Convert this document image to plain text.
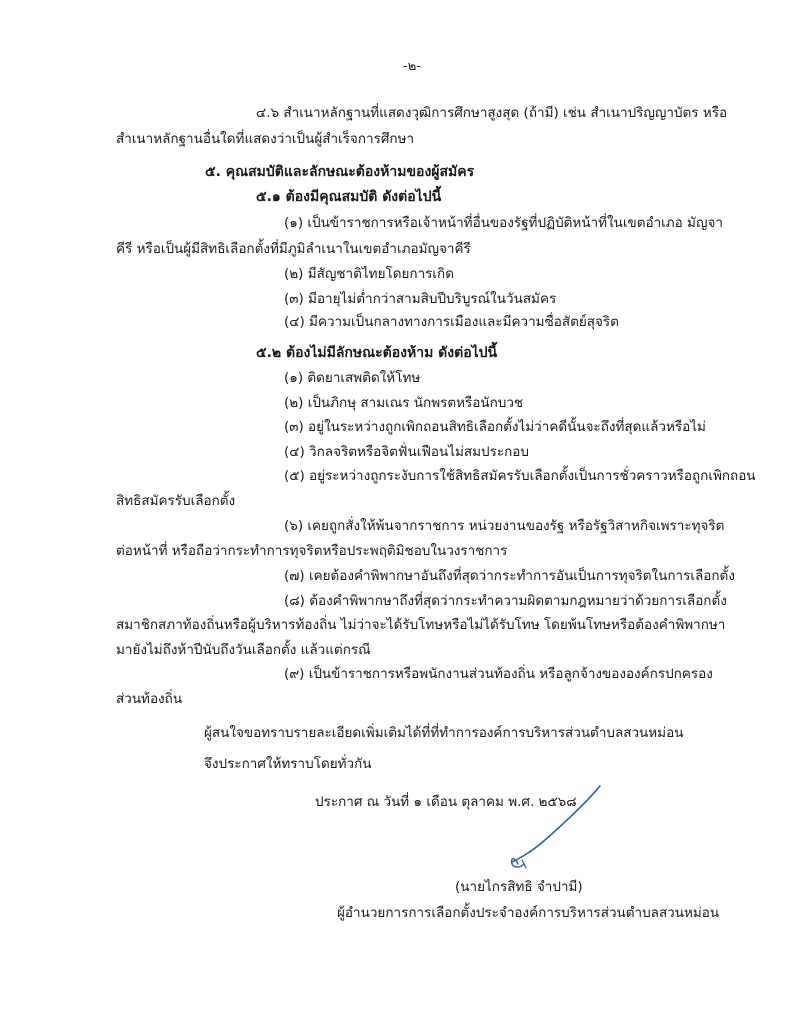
-๒-
๔.๖ สำเนาหลักฐานที่แสดงวุฒิการศึกษาสูงสุด (ถ้ามี) เช่น สำเนาปริญญาบัตร หรือ
สำเนาหลักฐานอื่นใดที่แสดงว่าเป็นผู้สำเร็จการศึกษา
๕. คุณสมบัติและลักษณะต้องห้ามของผู้สมัคร
๕.๑ ต้องมีคุณสมบัติ ดังต่อไปนี้
(๑) เป็นข้าราชการหรือเจ้าหน้าที่อื่นของรัฐที่ปฏิบัติหน้าที่ในเขตอำเภอ มัญจา
คีรี หรือเป็นผู้มีสิทธิเลือกตั้งที่มีภูมิลำเนาในเขตอำเภอมัญจาคีรี
(๒) มีสัญชาติไทยโดยการเกิด
(๓) มีอายุไม่ต่ำกว่าสามสิบปีบริบูรณ์ในวันสมัคร
(๔) มีความเป็นกลางทางการเมืองและมีความซื่อสัตย์สุจริต
๕.๒ ต้องไม่มีลักษณะต้องห้าม ดังต่อไปนี้
(๑) ติดยาเสพติดให้โทษ
(๒) เป็นภิกษุ สามเณร นักพรตหรือนักบวช
(๓) อยู่ในระหว่างถูกเพิกถอนสิทธิเลือกตั้งไม่ว่าคดีนั้นจะถึงที่สุดแล้วหรือไม่
(๔) วิกลจริตหรือจิตฟั่นเฟือนไม่สมประกอบ
(๕) อยู่ระหว่างถูกระงับการใช้สิทธิสมัครรับเลือกตั้งเป็นการชั่วคราวหรือถูกเพิกถอน
สิทธิสมัครรับเลือกตั้ง
(๖) เคยถูกสั่งให้พ้นจากราชการ หน่วยงานของรัฐ หรือรัฐวิสาหกิจเพราะทุจริต
ต่อหน้าที่ หรือถือว่ากระทำการทุจริตหรือประพฤติมิชอบในวงราชการ
(๗) เคยต้องคำพิพากษาอันถึงที่สุดว่ากระทำการอันเป็นการทุจริตในการเลือกตั้ง
(๘) ต้องคำพิพากษาถึงที่สุดว่ากระทำความผิดตามกฎหมายว่าด้วยการเลือกตั้ง
สมาชิกสภาท้องถิ่นหรือผู้บริหารท้องถิ่น ไม่ว่าจะได้รับโทษหรือไม่ได้รับโทษ โดยพ้นโทษหรือต้องคำพิพากษา
มายังไม่ถึงห้าปีนับถึงวันเลือกตั้ง แล้วแต่กรณี
(๙) เป็นข้าราชการหรือพนักงานส่วนท้องถิ่น หรือลูกจ้างขององค์กรปกครอง
ส่วนท้องถิ่น
ผู้สนใจขอทราบรายละเอียดเพิ่มเติมได้ที่ที่ทำการองค์การบริหารส่วนตำบลสวนหม่อน
จึงประกาศให้ทราบโดยทั่วกัน
ประกาศ ณ วันที่ ๑ เดือน ตุลาคม พ.ศ. ๒๕๖๘
(นายไกรสิทธิ จำปามี)
ผู้อำนวยการการเลือกตั้งประจำองค์การบริหารส่วนตำบลสวนหม่อน
